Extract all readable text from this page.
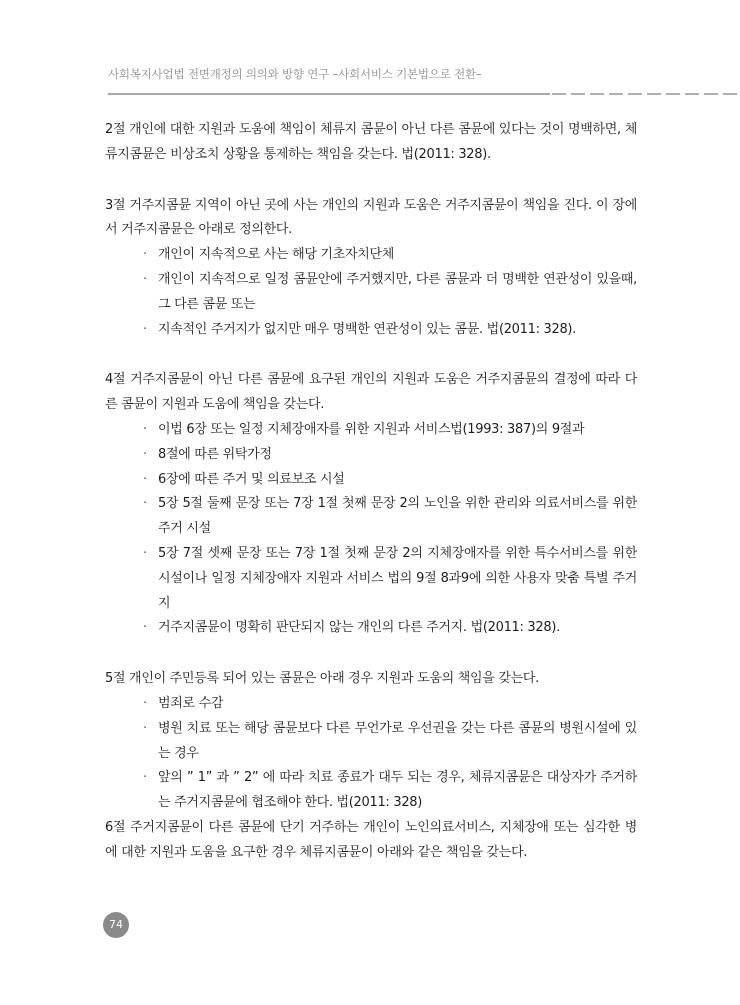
사회복지사업법 전면개정의 의의와 방향 연구 –사회서비스 기본법으로 전환–

2절 개인에 대한 지원과 도움에 책임이 체류지 콤뮨이 아닌 다른 콤뮨에 있다는 것이 명백하면, 체류지콤뮨은 비상조치 상황을 통제하는 책임을 갖는다. 법(2011: 328).

3절 거주지콤뮨 지역이 아닌 곳에 사는 개인의 지원과 도움은 거주지콤뮨이 책임을 진다. 이 장에서 거주지콤뮨은 아래로 정의한다.

· 개인이 지속적으로 사는 해당 기초자치단체
· 개인이 지속적으로 일정 콤뮨안에 주거했지만, 다른 콤뮨과 더 명백한 연관성이 있을때, 그 다른 콤뮨 또는
· 지속적인 주거지가 없지만 매우 명백한 연관성이 있는 콤뮨. 법(2011: 328).

4절 거주지콤뮨이 아닌 다른 콤뮨에 요구된 개인의 지원과 도움은 거주지콤뮨의 결정에 따라 다른 콤뮨이 지원과 도움에 책임을 갖는다.

· 이법 6장 또는 일정 지체장애자를 위한 지원과 서비스법(1993: 387)의 9절과
· 8절에 따른 위탁가정
· 6장에 따른 주거 및 의료보조 시설
· 5장 5절 둘째 문장 또는 7장 1절 첫째 문장 2의 노인을 위한 관리와 의료서비스를 위한 주거 시설
· 5장 7절 셋째 문장 또는 7장 1절 첫째 문장 2의 지체장애자를 위한 특수서비스를 위한 시설이나 일정 지체장애자 지원과 서비스 법의 9절 8과9에 의한 사용자 맞춤 특별 주거지
· 거주지콤뮨이 명확히 판단되지 않는 개인의 다른 주거지. 법(2011: 328).

5절 개인이 주민등록 되어 있는 콤뮨은 아래 경우 지원과 도움의 책임을 갖는다.

· 범죄로 수감
· 병원 치료 또는 해당 콤뮨보다 다른 무언가로 우선권을 갖는 다른 콤뮨의 병원시설에 있는 경우
· 앞의 ” 1” 과 ” 2” 에 따라 치료 종료가 대두 되는 경우, 체류지콤뮨은 대상자가 주거하는 주거지콤뮨에 협조해야 한다. 법(2011: 328)

6절 주거지콤뮨이 다른 콤뮨에 단기 거주하는 개인이 노인의료서비스, 지체장애 또는 심각한 병에 대한 지원과 도움을 요구한 경우 체류지콤뮨이 아래와 같은 책임을 갖는다.

74
